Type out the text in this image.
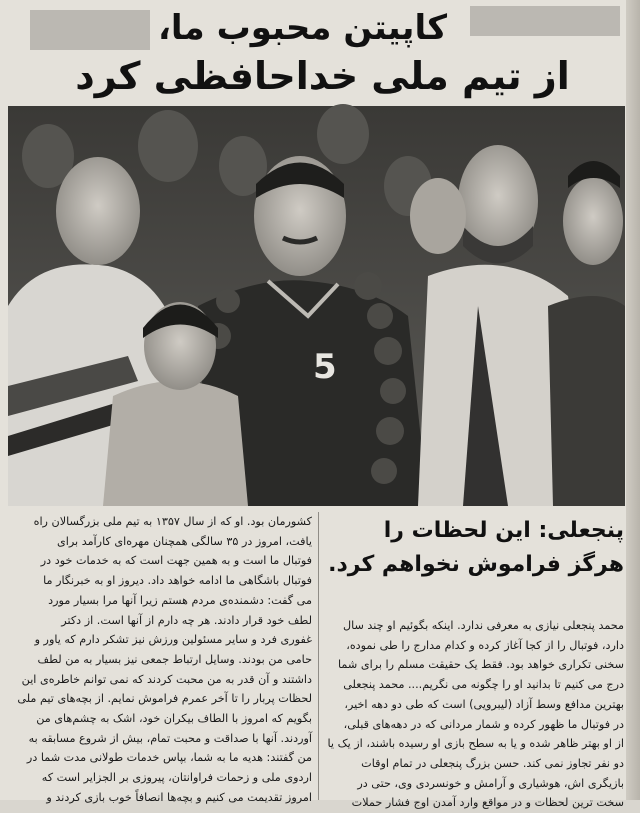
کاپیتن محبوب ما،
از تیم ملی خداحافظی کرد
5
پنجعلی: این لحظات را هرگز فراموش نخواهم کرد.

کشورمان بود. او که از سال ۱۳۵۷ به تیم ملی بزرگسالان راه

یافت، امروز در ۳۵ سالگی همچنان مهره‌ای کارآمد برای

فوتبال ما است و به همین جهت است که به خدمات خود در

فوتبال باشگاهی ما ادامه خواهد داد. دیروز او به خبرنگار ما

می گفت: دشمنده‌ی مردم هستم زیرا آنها مرا بسیار مورد

لطف خود قرار دادند. هر چه دارم از آنها است. از دکتر

غفوری فرد و سایر مسئولین ورزش نیز تشکر دارم که یاور و

حامی من بودند. وسایل ارتباط جمعی نیز بسیار به من لطف

داشتند و آن قدر به من محبت کردند که نمی توانم خاطره‌ی این

لحظات پربار را تا آخر عمرم فراموش نمایم. از بچه‌های تیم ملی

بگویم که امروز با الطاف بیکران خود، اشک به چشم‌های من

آوردند. آنها با صداقت و محبت تمام، بیش از شروع مسابقه به

من گفتند: هدیه ما به شما، بپاس خدمات طولانی مدت شما در

اردوی ملی و زحمات فراوانتان، پیروزی بر الجزایر است که

امروز تقدیمت می کنیم و بچه‌ها انصافاً خوب بازی کردند و

محمد پنجعلی نیازی به معرفی ندارد. اینکه بگوئیم او چند سال

دارد، فوتبال را از کجا آغاز کرده و کدام مدارج را طی نموده،

سخنی تکراری خواهد بود. فقط یک حقیقت مسلم را برای شما

درج می کنیم تا بدانید او را چگونه می نگریم.... محمد پنجعلی

بهترین مدافع وسط آزاد (لیبرویی) است که طی دو دهه اخیر،

در فوتبال ما ظهور کرده و شمار مردانی که در دهه‌های قبلی،

از او بهتر ظاهر شده و یا به سطح بازی او رسیده باشند، از یک یا

دو نفر تجاوز نمی کند. حسن بزرگ پنجعلی در تمام اوقات

بازیگری اش، هوشیاری و آرامش و خونسردی وی، حتی در

سخت ترین لحظات و در مواقع وارد آمدن اوج فشار حملات
